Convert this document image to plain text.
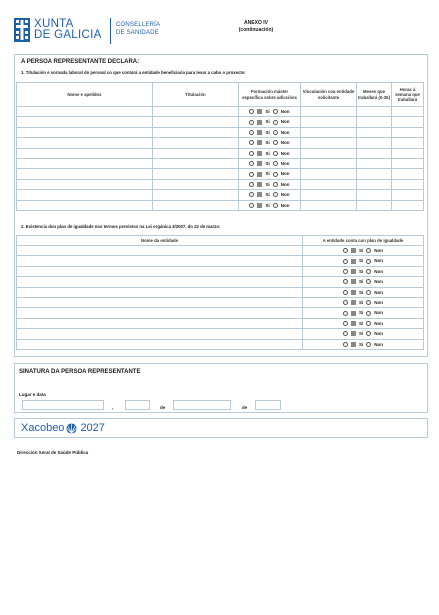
XUNTA
DE GALICIA
CONSELLERÍA
DE SANIDADE
ANEXO IV
(continuación)
A PERSOA REPRESENTANTE DECLARA:
1. Titulación e xornada laboral do persoal co que contará a entidade beneficiaria para levar a cabo o proxecto:
Nome e apelidos	Titulación	Formación máster específica sobre adiccións	Vinculación coa entidade solicitante	Meses que traballará (0-35)	Horas á semana que traballará

		Si Non			

		Si Non			

		Si Non			

		Si Non			

		Si Non			

		Si Non			

		Si Non			

		Si Non			

		Si Non			

		Si Non			

2. Existencia dun plan de igualdade nos termos previstos na Lei orgánica 3/2007, do 22 de marzo:
Nome da entidade	A entidade conta cun plan de igualdade

	Si Non

	Si Non

	Si Non

	Si Non

	Si Non

	Si Non

	Si Non

	Si Non

	Si Non

	Si Non
SINATURA DA PERSOA REPRESENTANTE
Lugar e data
,	de	de
Xacobeo 2027
Dirección Xeral de Saúde Pública
